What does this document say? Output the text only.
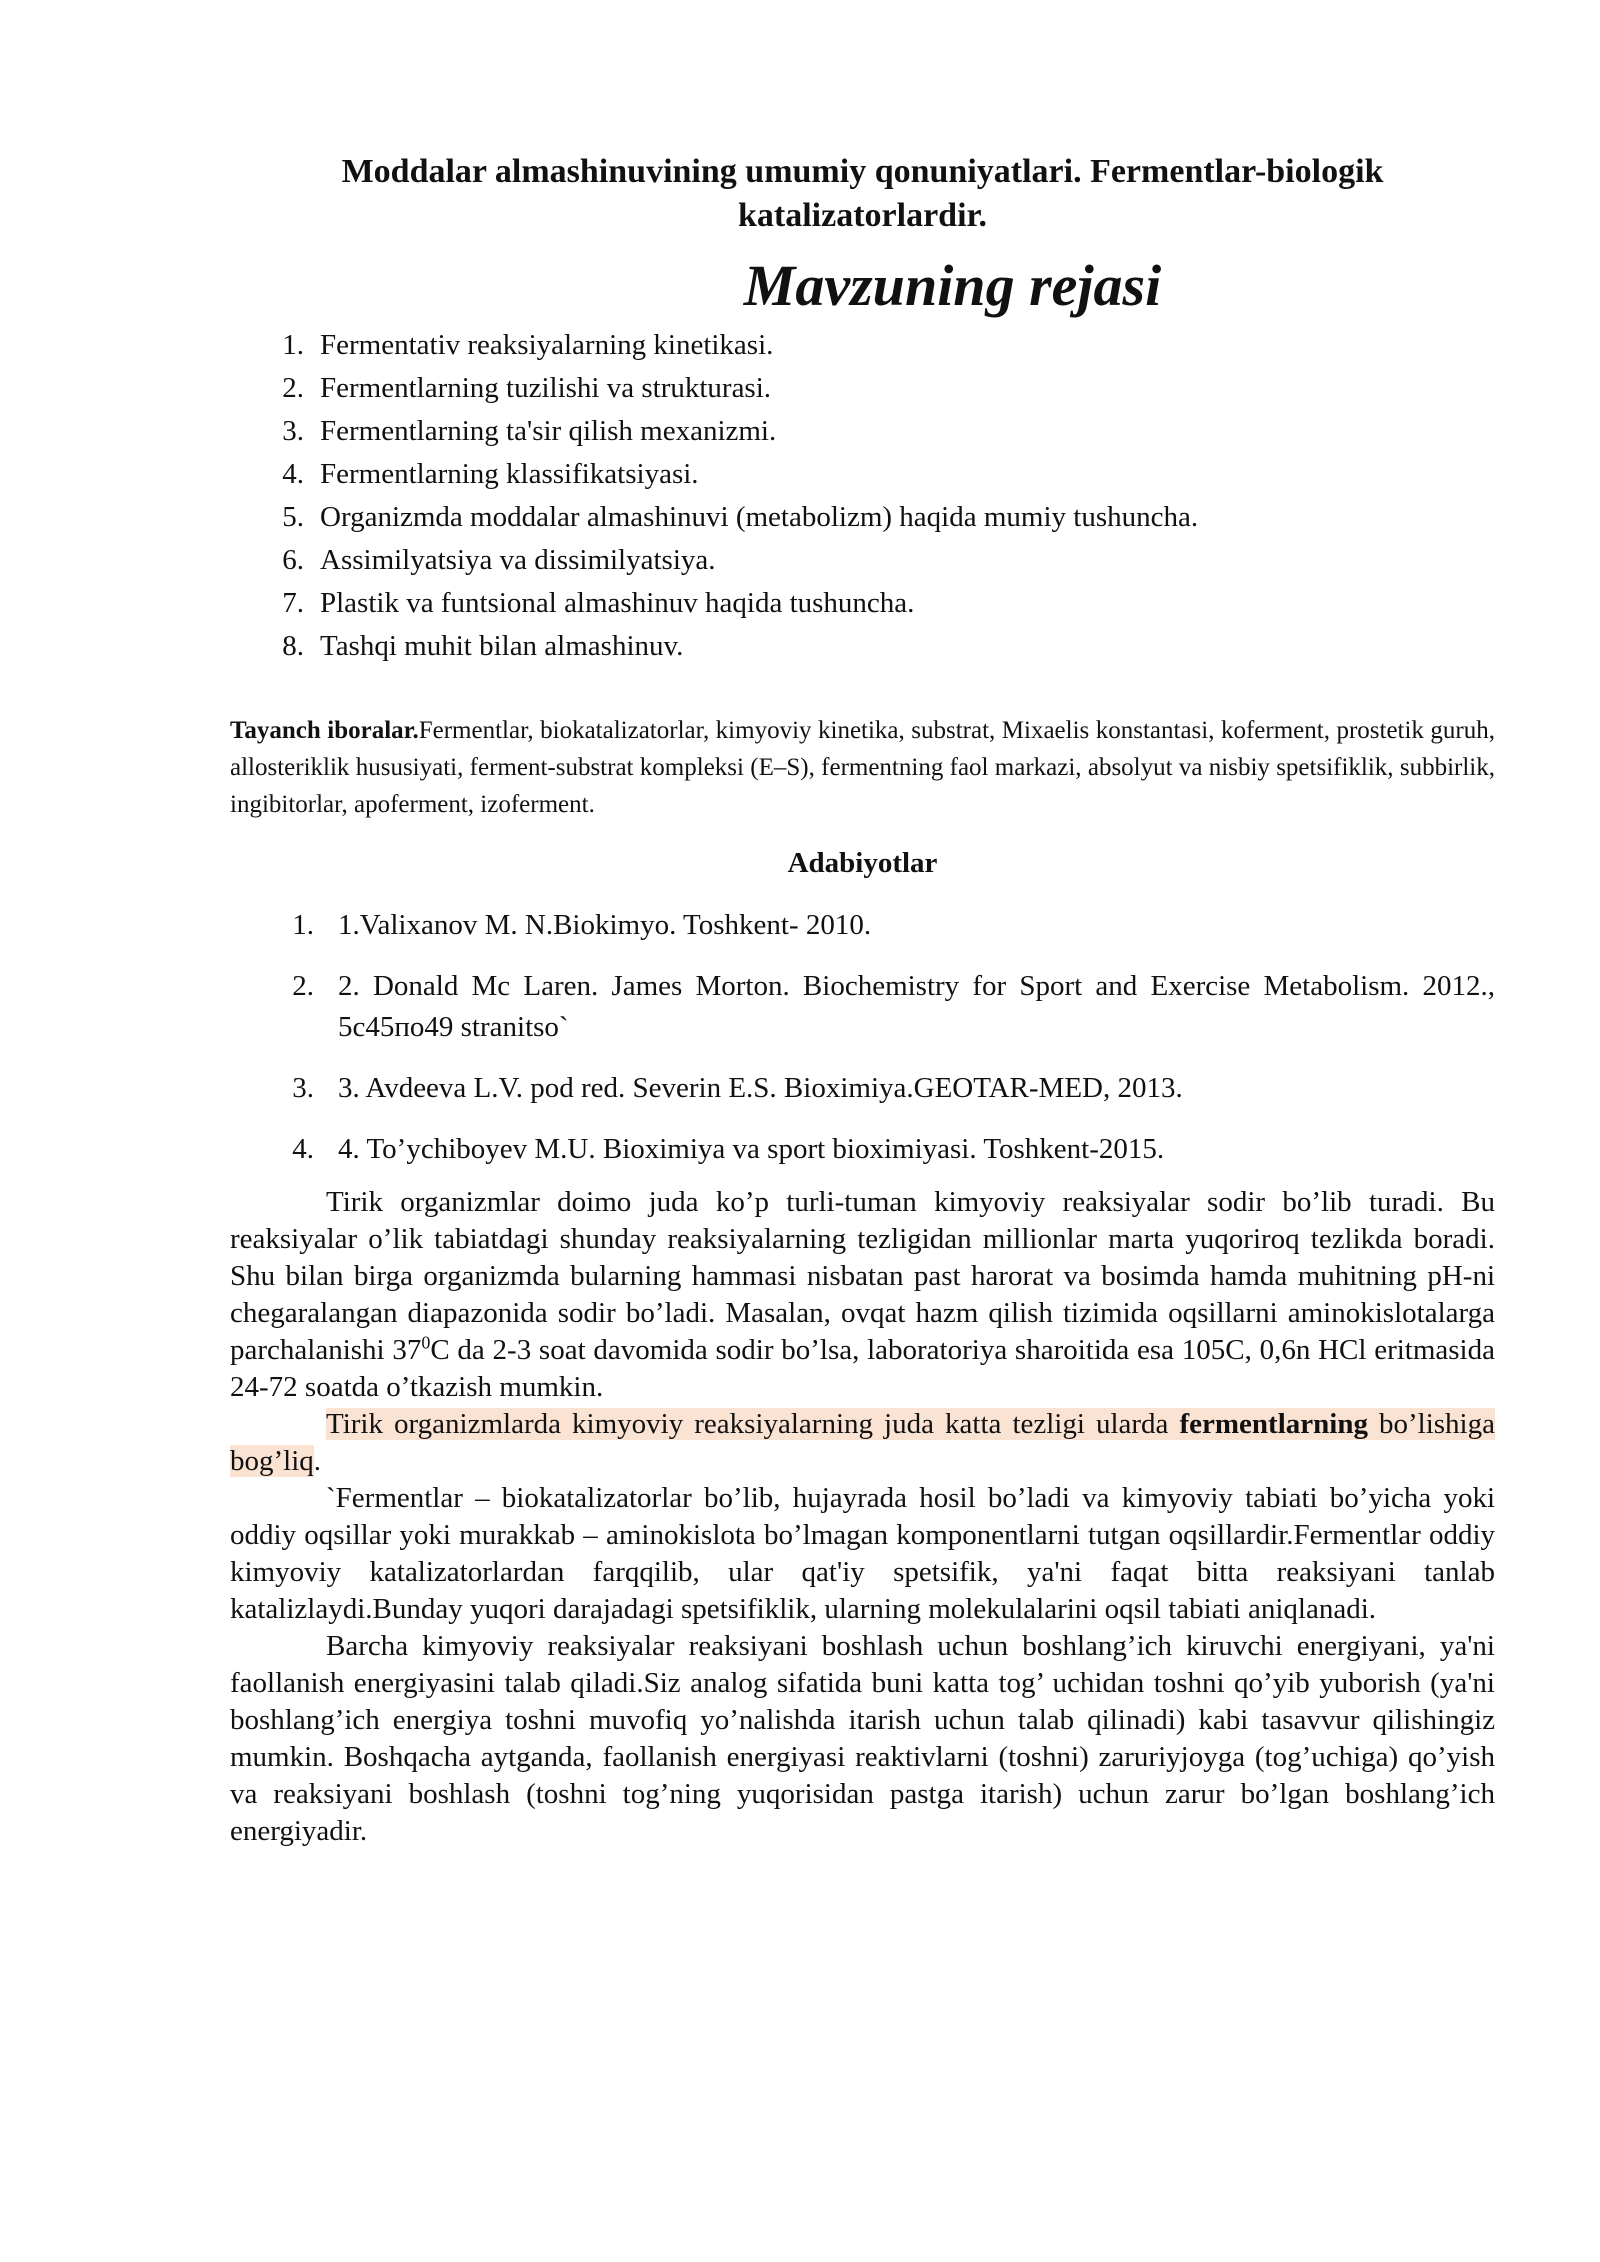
Moddalar almashinuvining umumiy qonuniyatlari. Fermentlar-biologik katalizatorlardir.
Mavzuning rejasi
1. Fermentativ reaksiyalarning kinetikasi.
2. Fermentlarning tuzilishi va strukturasi.
3. Fermentlarning ta'sir qilish mexanizmi.
4. Fermentlarning klassifikatsiyasi.
5. Organizmda moddalar almashinuvi (metabolizm) haqida mumiy tushuncha.
6. Assimilyatsiya va dissimilyatsiya.
7. Plastik va funtsional almashinuv haqida tushuncha.
8. Tashqi muhit bilan almashinuv.
Tayanch iboralar.Fermentlar, biokatalizatorlar, kimyoviy kinetika, substrat, Mixaelis konstantasi, koferment, prostetik guruh, allosteriklik hususiyati, ferment-substrat kompleksi (E–S), fermentning faol markazi, absolyut va nisbiy spetsifiklik, subbirlik, ingibitorlar, apoferment, izoferment.
Adabiyotlar
1. 1.Valixanov M. N.Biokimyo. Toshkent- 2010.
2. 2. Donald Mc Laren. James Morton. Biochemistry for Sport and Exercise Metabolism. 2012., 5c45по49 stranitso`
3. 3. Avdeeva L.V. pod red. Severin E.S. Bioximiya.GEOTAR-MED, 2013.
4. 4. To’ychiboyev M.U. Bioximiya va sport bioximiyasi. Toshkent-2015.

Tirik organizmlar doimo juda ko’p turli-tuman kimyoviy reaksiyalar sodir bo’lib turadi. Bu reaksiyalar o’lik tabiatdagi shunday reaksiyalarning tezligidan millionlar marta yuqoriroq tezlikda boradi. Shu bilan birga organizmda bularning hammasi nisbatan past harorat va bosimda hamda muhitning pH-ni chegaralangan diapazonida sodir bo’ladi. Masalan, ovqat hazm qilish tizimida oqsillarni aminokislotalarga parchalanishi $37^0C$ da 2-3 soat davomida sodir bo’lsa, laboratoriya sharoitida esa 105C, 0,6n HCl eritmasida 24-72 soatda o’tkazish mumkin.

Tirik organizmlarda kimyoviy reaksiyalarning juda katta tezligi ularda fermentlarning bo’lishiga bog’liq.

`Fermentlar – biokatalizatorlar bo’lib, hujayrada hosil bo’ladi va kimyoviy tabiati bo’yicha yoki oddiy oqsillar yoki murakkab – aminokislota bo’lmagan komponentlarni tutgan oqsillardir.Fermentlar oddiy kimyoviy katalizatorlardan farqqilib, ular qat'iy spetsifik, ya'ni faqat bitta reaksiyani tanlab katalizlaydi.Bunday yuqori darajadagi spetsifiklik, ularning molekulalarini oqsil tabiati aniqlanadi.

Barcha kimyoviy reaksiyalar reaksiyani boshlash uchun boshlang’ich kiruvchi energiyani, ya'ni faollanish energiyasini talab qiladi.Siz analog sifatida buni katta tog’ uchidan toshni qo’yib yuborish (ya'ni boshlang’ich energiya toshni muvofiq yo’nalishda itarish uchun talab qilinadi) kabi tasavvur qilishingiz mumkin. Boshqacha aytganda, faollanish energiyasi reaktivlarni (toshni) zaruriyjoyga (tog’uchiga) qo’yish va reaksiyani boshlash (toshni tog’ning yuqorisidan pastga itarish) uchun zarur bo’lgan boshlang’ich energiyadir.
